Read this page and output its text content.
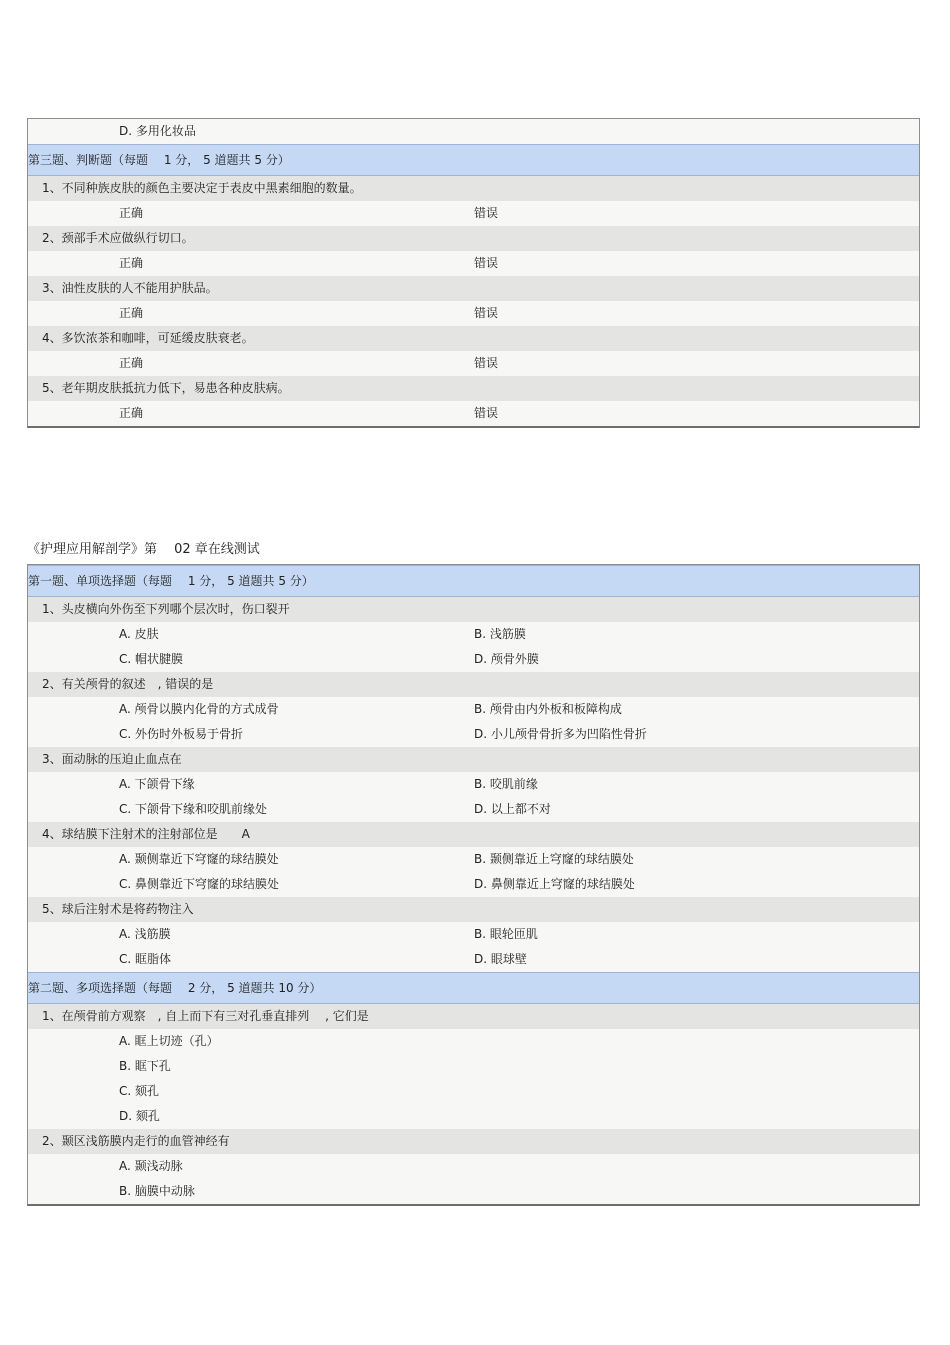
D. 多用化妆品
第三题、判断题（每题　 1 分， 5 道题共 5 分）
1、不同种族皮肤的颜色主要决定于表皮中黑素细胞的数量。
正确	错误
2、颈部手术应做纵行切口。
正确	错误
3、油性皮肤的人不能用护肤品。
正确	错误
4、多饮浓茶和咖啡，可延缓皮肤衰老。
正确	错误
5、老年期皮肤抵抗力低下，易患各种皮肤病。
正确	错误
《护理应用解剖学》第　 02 章在线测试
第一题、单项选择题（每题　 1 分， 5 道题共 5 分）
1、头皮横向外伤至下列哪个层次时，伤口裂开
A. 皮肤	B. 浅筋膜
C. 帽状腱膜	D. 颅骨外膜
2、有关颅骨的叙述　, 错误的是
A. 颅骨以膜内化骨的方式成骨	B. 颅骨由内外板和板障构成
C. 外伤时外板易于骨折	D. 小儿颅骨骨折多为凹陷性骨折
3、面动脉的压迫止血点在
A. 下颌骨下缘	B. 咬肌前缘
C. 下颌骨下缘和咬肌前缘处	D. 以上都不对
4、球结膜下注射术的注射部位是　　A
A. 颞侧靠近下穹窿的球结膜处	B. 颞侧靠近上穹窿的球结膜处
C. 鼻侧靠近下穹窿的球结膜处	D. 鼻侧靠近上穹窿的球结膜处
5、球后注射术是将药物注入
A. 浅筋膜	B. 眼轮匝肌
C. 眶脂体	D. 眼球壁
第二题、多项选择题（每题　 2 分， 5 道题共 10 分）
1、在颅骨前方观察　, 自上而下有三对孔垂直排列　 , 它们是
A. 眶上切迹（孔）
B. 眶下孔
C. 颏孔
D. 颏孔
2、颞区浅筋膜内走行的血管神经有
A. 颞浅动脉
B. 脑膜中动脉
